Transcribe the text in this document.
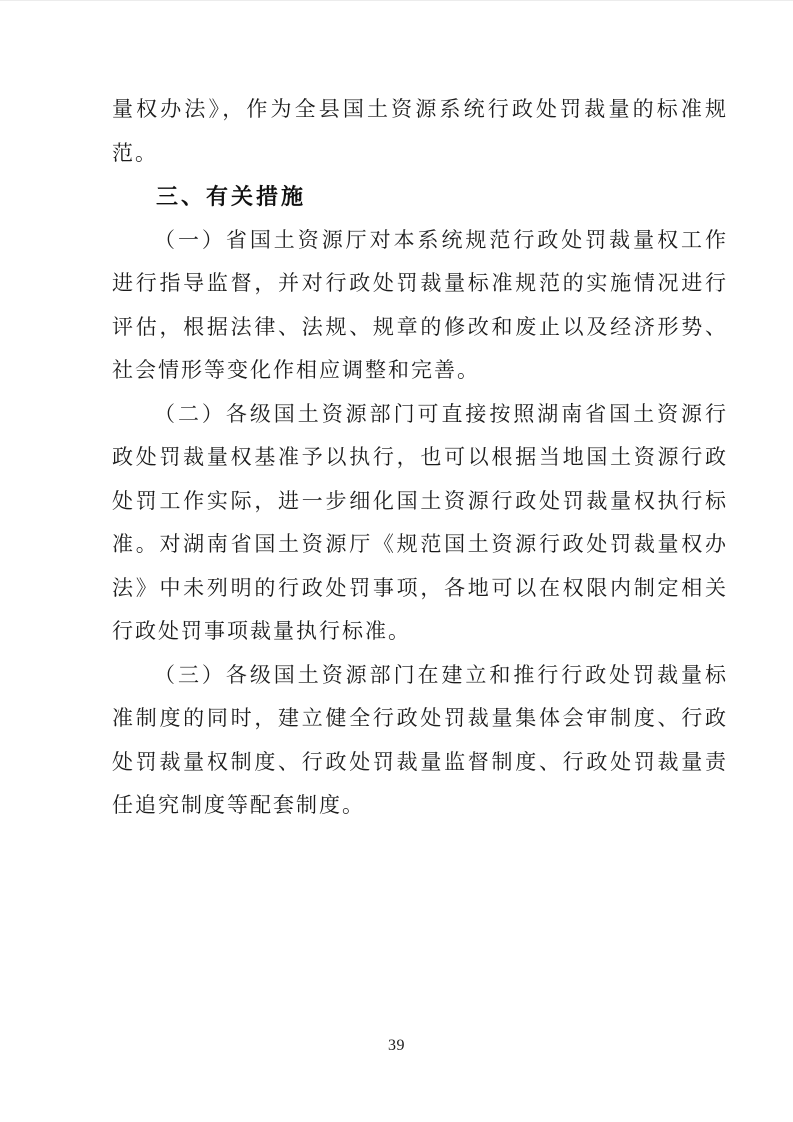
量权办法》，作为全县国土资源系统行政处罚裁量的标准规范。

三、有关措施

（一）省国土资源厅对本系统规范行政处罚裁量权工作进行指导监督，并对行政处罚裁量标准规范的实施情况进行评估，根据法律、法规、规章的修改和废止以及经济形势、社会情形等变化作相应调整和完善。

（二）各级国土资源部门可直接按照湖南省国土资源行政处罚裁量权基准予以执行，也可以根据当地国土资源行政处罚工作实际，进一步细化国土资源行政处罚裁量权执行标准。对湖南省国土资源厅《规范国土资源行政处罚裁量权办法》中未列明的行政处罚事项，各地可以在权限内制定相关行政处罚事项裁量执行标准。

（三）各级国土资源部门在建立和推行行政处罚裁量标准制度的同时，建立健全行政处罚裁量集体会审制度、行政处罚裁量权制度、行政处罚裁量监督制度、行政处罚裁量责任追究制度等配套制度。

39
